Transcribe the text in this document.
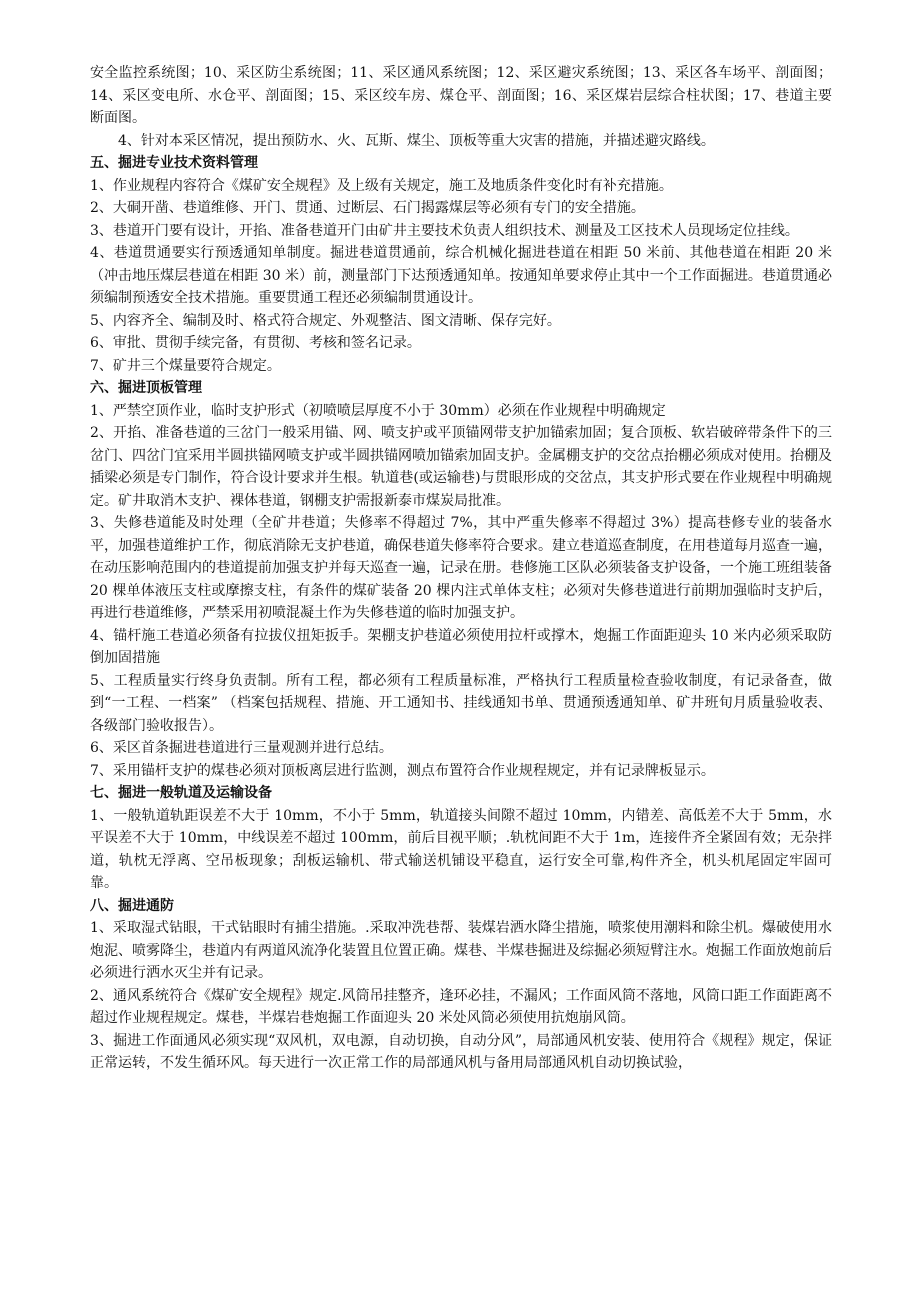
安全监控系统图；10、采区防尘系统图；11、采区通风系统图；12、采区避灾系统图；13、采区各车场平、剖面图；14、采区变电所、水仓平、剖面图；15、采区绞车房、煤仓平、剖面图；16、采区煤岩层综合柱状图；17、巷道主要断面图。

4、针对本采区情况，提出预防水、火、瓦斯、煤尘、顶板等重大灾害的措施，并描述避灾路线。

五、掘进专业技术资料管理

1、作业规程内容符合《煤矿安全规程》及上级有关规定，施工及地质条件变化时有补充措施。

2、大硐开凿、巷道维修、开门、贯通、过断层、石门揭露煤层等必须有专门的安全措施。

3、巷道开门要有设计，开掐、准备巷道开门由矿井主要技术负责人组织技术、测量及工区技术人员现场定位挂线。

4、巷道贯通要实行预透通知单制度。掘进巷道贯通前，综合机械化掘进巷道在相距 50 米前、其他巷道在相距 20 米（冲击地压煤层巷道在相距 30 米）前，测量部门下达预透通知单。按通知单要求停止其中一个工作面掘进。巷道贯通必须编制预透安全技术措施。重要贯通工程还必须编制贯通设计。

5、内容齐全、编制及时、格式符合规定、外观整洁、图文清晰、保存完好。

6、审批、贯彻手续完备，有贯彻、考核和签名记录。

7、矿井三个煤量要符合规定。

六、掘进顶板管理

1、严禁空顶作业，临时支护形式（初喷喷层厚度不小于 30mm）必须在作业规程中明确规定

2、开掐、准备巷道的三岔门一般采用锚、网、喷支护或平顶锚网带支护加锚索加固；复合顶板、软岩破碎带条件下的三岔门、四岔门宜采用半圆拱锚网喷支护或半圆拱锚网喷加锚索加固支护。金属棚支护的交岔点抬棚必须成对使用。抬棚及插梁必须是专门制作，符合设计要求并生根。轨道巷(或运输巷)与贯眼形成的交岔点，其支护形式要在作业规程中明确规定。矿井取消木支护、裸体巷道，钢棚支护需报新泰市煤炭局批准。

3、失修巷道能及时处理（全矿井巷道；失修率不得超过 7%，其中严重失修率不得超过 3%）提高巷修专业的装备水平，加强巷道维护工作，彻底消除无支护巷道，确保巷道失修率符合要求。建立巷道巡查制度，在用巷道每月巡查一遍，在动压影响范围内的巷道提前加强支护并每天巡查一遍，记录在册。巷修施工区队必须装备支护设备，一个施工班组装备 20 棵单体液压支柱或摩擦支柱，有条件的煤矿装备 20 棵内注式单体支柱；必须对失修巷道进行前期加强临时支护后，再进行巷道维修，严禁采用初喷混凝土作为失修巷道的临时加强支护。

4、锚杆施工巷道必须备有拉拔仪扭矩扳手。架棚支护巷道必须使用拉杆或撑木，炮掘工作面距迎头 10 米内必须采取防倒加固措施

5、工程质量实行终身负责制。所有工程，都必须有工程质量标准，严格执行工程质量检查验收制度，有记录备查，做到“一工程、一档案” （档案包括规程、措施、开工通知书、挂线通知书单、贯通预透通知单、矿井班旬月质量验收表、各级部门验收报告）。

6、采区首条掘进巷道进行三量观测并进行总结。

7、采用锚杆支护的煤巷必须对顶板离层进行监测，测点布置符合作业规程规定，并有记录牌板显示。

七、掘进一般轨道及运输设备

1、一般轨道轨距误差不大于 10mm，不小于 5mm，轨道接头间隙不超过 10mm，内错差、高低差不大于 5mm，水平误差不大于 10mm，中线误差不超过 100mm，前后目视平顺；.轨枕间距不大于 1m，连接件齐全紧固有效；无杂拌道，轨枕无浮离、空吊板现象；刮板运输机、带式输送机铺设平稳直，运行安全可靠,构件齐全，机头机尾固定牢固可靠。

八、掘进通防

1、采取湿式钻眼，干式钻眼时有捕尘措施。.采取冲洗巷帮、装煤岩洒水降尘措施，喷浆使用潮料和除尘机。爆破使用水炮泥、喷雾降尘，巷道内有两道风流净化装置且位置正确。煤巷、半煤巷掘进及综掘必须短臂注水。炮掘工作面放炮前后必须进行洒水灭尘并有记录。

2、通风系统符合《煤矿安全规程》规定.风筒吊挂整齐，逢环必挂，不漏风；工作面风筒不落地，风筒口距工作面距离不超过作业规程规定。煤巷，半煤岩巷炮掘工作面迎头 20 米处风筒必须使用抗炮崩风筒。

3、掘进工作面通风必须实现“双风机，双电源，自动切换，自动分风”，局部通风机安装、使用符合《规程》规定，保证正常运转，不发生循环风。每天进行一次正常工作的局部通风机与备用局部通风机自动切换试验，
